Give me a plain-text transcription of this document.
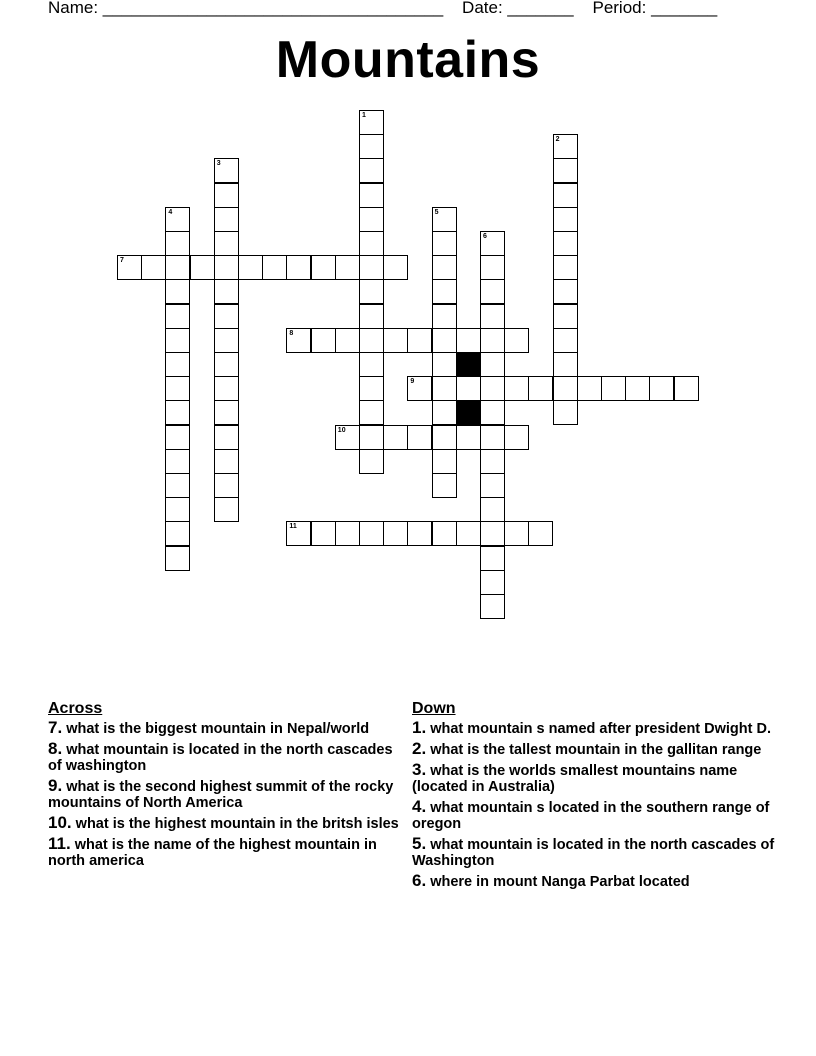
Name: ____________________________________    Date: _______    Period: _______
Mountains
1
2
3
4	5
6
7
8
9
10
11
Across
7. what is the biggest mountain in Nepal/world
8. what mountain is located in the north cascades of washington
9. what is the second highest summit of the rocky mountains of North America
10. what is the highest mountain in the britsh isles
11. what is the name of the highest mountain in north america
Down
1. what mountain s named after president Dwight D.
2. what is the tallest mountain in the gallitan range
3. what is the worlds smallest mountains name (located in Australia)
4. what mountain s located in the southern range of oregon
5. what mountain is located in the north cascades of Washington
6. where in mount Nanga Parbat located
